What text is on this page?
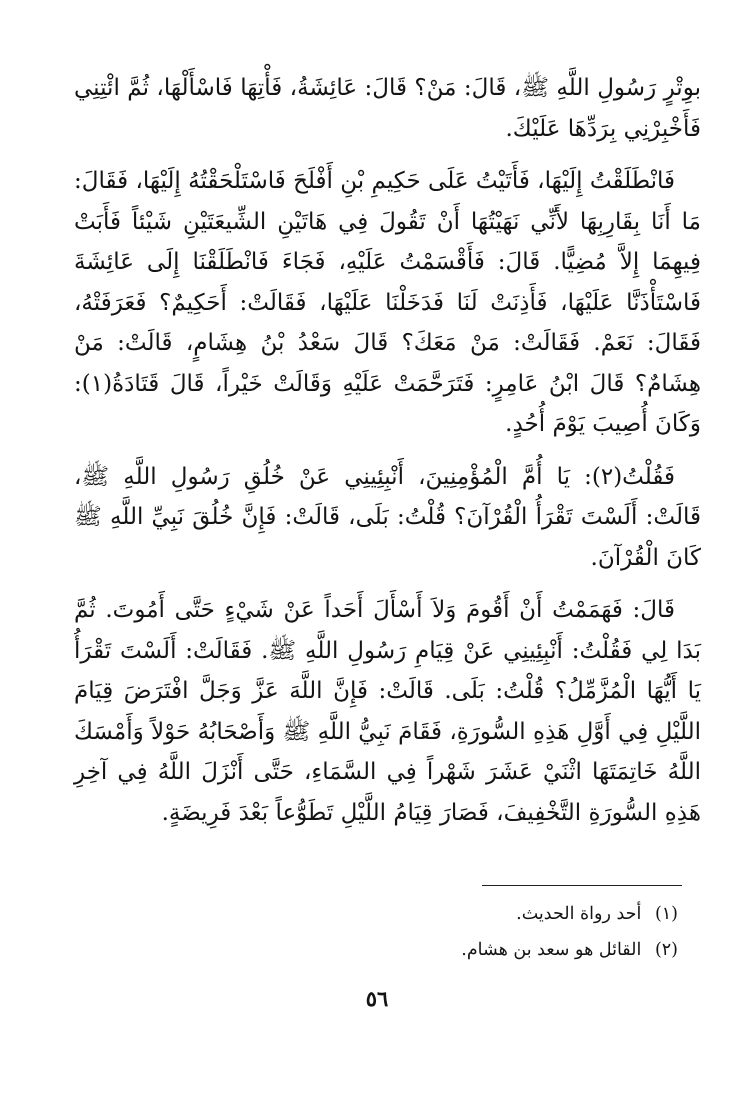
بوِتْرٍ رَسُولِ اللَّهِ ﷺ، قَالَ: مَنْ؟ قَالَ: عَائِشَةُ، فَأْتِهَا فَاسْأَلْهَا، ثُمَّ ائْتِنِي فَأَخْبِرْنِي بِرَدِّهَا عَلَيْكَ.

فَانْطَلَقْتُ إِلَيْهَا، فَأَتَيْتُ عَلَى حَكِيمِ بْنِ أَفْلَحَ فَاسْتَلْحَقْتُهُ إِلَيْهَا، فَقَالَ: مَا أَنَا بِقَارِبِهَا لأَنِّي نَهَيْتُهَا أَنْ تَقُولَ فِي هَاتَيْنِ الشِّيعَتَيْنِ شَيْئاً فَأَبَتْ فِيهِمَا إِلاَّ مُضِيًّا. قَالَ: فَأَقْسَمْتُ عَلَيْهِ، فَجَاءَ فَانْطَلَقْنَا إِلَى عَائِشَةَ فَاسْتَأْذَنَّا عَلَيْهَا، فَأَذِنَتْ لَنَا فَدَخَلْنَا عَلَيْهَا، فَقَالَتْ: أَحَكِيمٌ؟ فَعَرَفَتْهُ، فَقَالَ: نَعَمْ. فَقَالَتْ: مَنْ مَعَكَ؟ قَالَ سَعْدُ بْنُ هِشَامٍ، قَالَتْ: مَنْ هِشَامٌ؟ قَالَ ابْنُ عَامِرٍ: فَتَرَحَّمَتْ عَلَيْهِ وَقَالَتْ خَيْراً، قَالَ قَتَادَةُ(١): وَكَانَ أُصِيبَ يَوْمَ أُحُدٍ.

فَقُلْتُ(٢): يَا أُمَّ الْمُؤْمِنِينَ، أَنْبِئِينِي عَنْ خُلُقِ رَسُولِ اللَّهِ ﷺ، قَالَتْ: أَلَسْتَ تَقْرَأُ الْقُرْآنَ؟ قُلْتُ: بَلَى، قَالَتْ: فَإِنَّ خُلُقَ نَبِيِّ اللَّهِ ﷺ كَانَ الْقُرْآنَ.

قَالَ: فَهَمَمْتُ أَنْ أَقُومَ وَلاَ أَسْأَلَ أَحَداً عَنْ شَيْءٍ حَتَّى أَمُوتَ. ثُمَّ بَدَا لِي فَقُلْتُ: أَنْبِئِينِي عَنْ قِيَامِ رَسُولِ اللَّهِ ﷺ. فَقَالَتْ: أَلَسْتَ تَقْرَأُ يَا أَيُّهَا الْمُزَّمِّلُ؟ قُلْتُ: بَلَى. قَالَتْ: فَإِنَّ اللَّهَ عَزَّ وَجَلَّ افْتَرَضَ قِيَامَ اللَّيْلِ فِي أَوَّلِ هَذِهِ السُّورَةِ، فَقَامَ نَبِيُّ اللَّهِ ﷺ وَأَصْحَابُهُ حَوْلاً وَأَمْسَكَ اللَّهُ خَاتِمَتَهَا اثْنَيْ عَشَرَ شَهْراً فِي السَّمَاءِ، حَتَّى أَنْزَلَ اللَّهُ فِي آخِرِ هَذِهِ السُّورَةِ التَّخْفِيفَ، فَصَارَ قِيَامُ اللَّيْلِ تَطَوُّعاً بَعْدَ فَرِيضَةٍ.

(١) أحد رواة الحديث.
(٢) القائل هو سعد بن هشام.
٥٦
